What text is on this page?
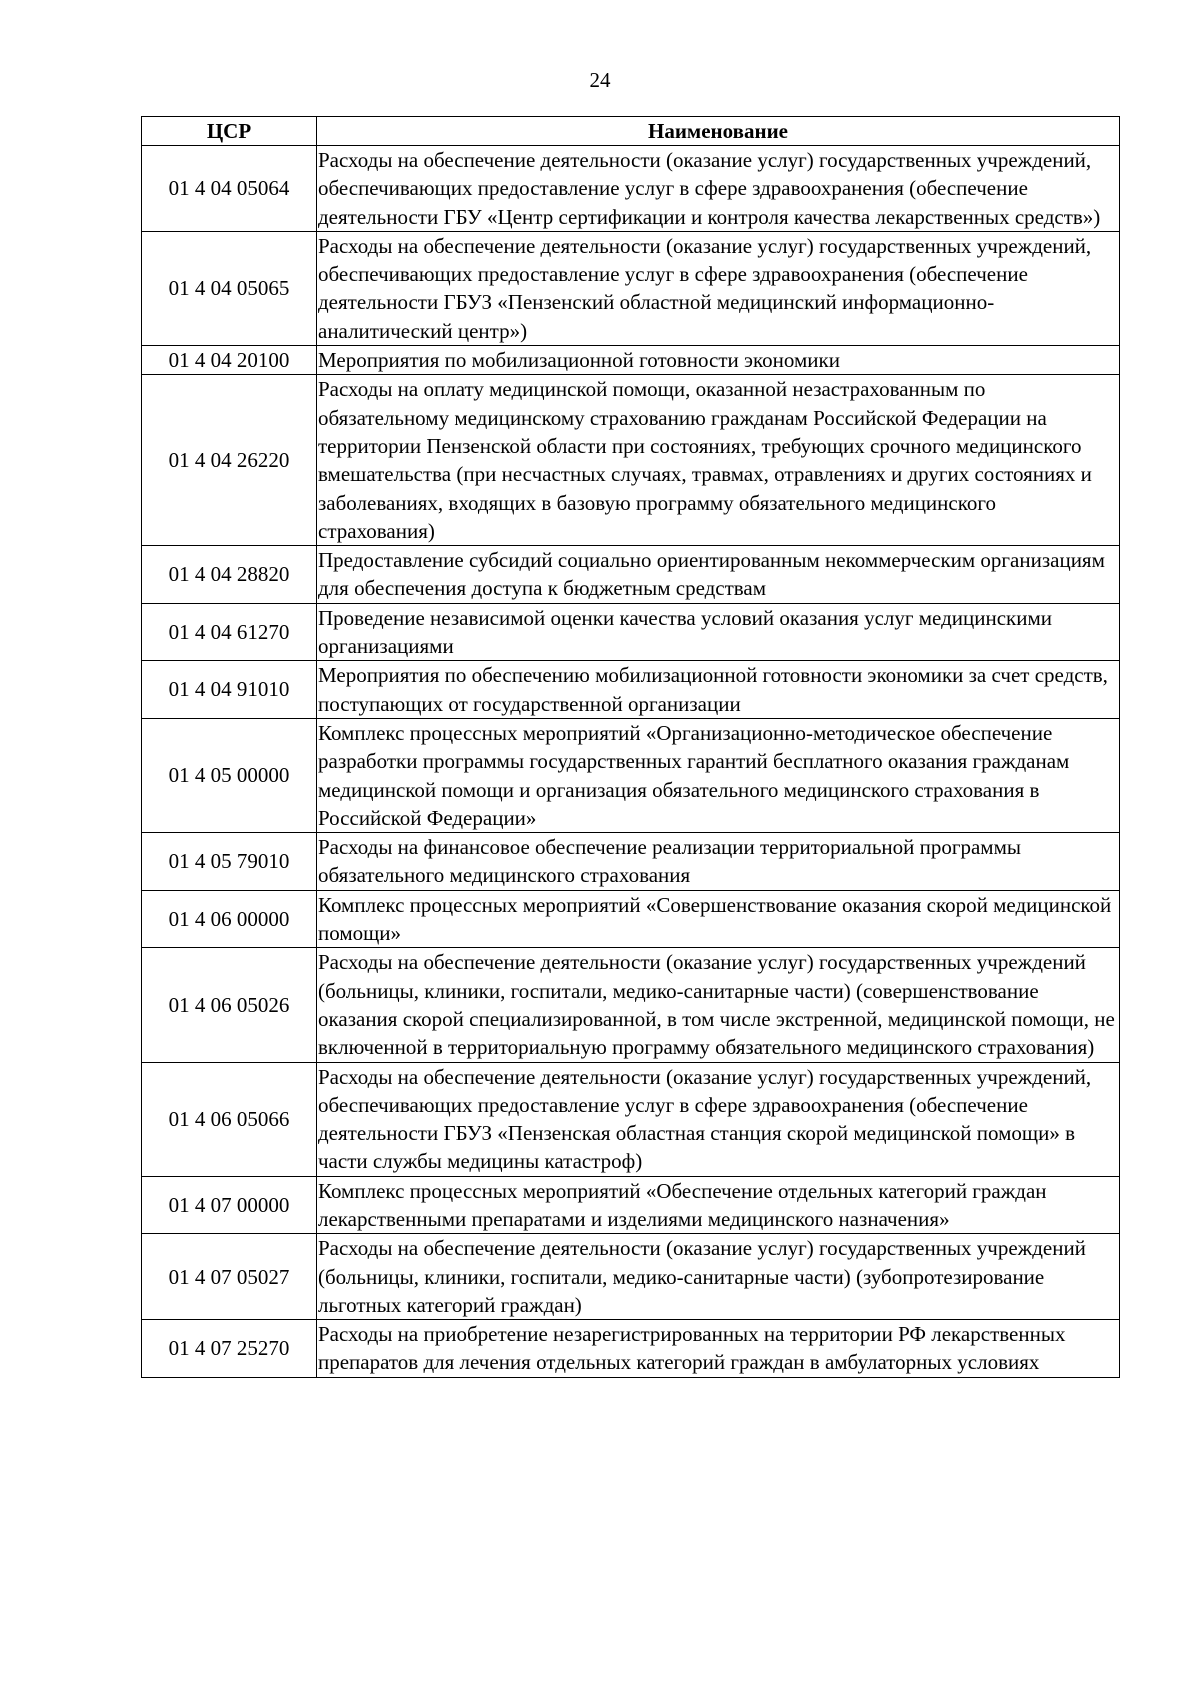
24
ЦСР	Наименование
01 4 04 05064	Расходы на обеспечение деятельности (оказание услуг) государственных учреждений, обеспечивающих предоставление услуг в сфере здравоохранения (обеспечение деятельности ГБУ «Центр сертификации и контроля качества лекарственных средств»)
01 4 04 05065	Расходы на обеспечение деятельности (оказание услуг) государственных учреждений, обеспечивающих предоставление услуг в сфере здравоохранения (обеспечение деятельности ГБУЗ «Пензенский областной медицинский информационно-аналитический центр»)
01 4 04 20100	Мероприятия по мобилизационной готовности экономики
01 4 04 26220	Расходы на оплату медицинской помощи, оказанной незастрахованным по обязательному медицинскому страхованию гражданам Российской Федерации на территории Пензенской области при состояниях, требующих срочного медицинского вмешательства (при несчастных случаях, травмах, отравлениях и других состояниях и заболеваниях, входящих в базовую программу обязательного медицинского страхования)
01 4 04 28820	Предоставление субсидий социально ориентированным некоммерческим организациям для обеспечения доступа к бюджетным средствам
01 4 04 61270	Проведение независимой оценки качества условий оказания услуг медицинскими организациями
01 4 04 91010	Мероприятия по обеспечению мобилизационной готовности экономики за счет средств, поступающих от государственной организации
01 4 05 00000	Комплекс процессных мероприятий «Организационно-методическое обеспечение разработки программы государственных гарантий бесплатного оказания гражданам медицинской помощи и организация обязательного медицинского страхования в Российской Федерации»
01 4 05 79010	Расходы на финансовое обеспечение реализации территориальной программы обязательного медицинского страхования
01 4 06 00000	Комплекс процессных мероприятий «Совершенствование оказания скорой медицинской помощи»
01 4 06 05026	Расходы на обеспечение деятельности (оказание услуг) государственных учреждений (больницы, клиники, госпитали, медико-санитарные части) (совершенствование оказания скорой специализированной, в том числе экстренной, медицинской помощи, не включенной в территориальную программу обязательного медицинского страхования)
01 4 06 05066	Расходы на обеспечение деятельности (оказание услуг) государственных учреждений, обеспечивающих предоставление услуг в сфере здравоохранения (обеспечение деятельности ГБУЗ «Пензенская областная станция скорой медицинской помощи» в части службы медицины катастроф)
01 4 07 00000	Комплекс процессных мероприятий «Обеспечение отдельных категорий граждан лекарственными препаратами и изделиями медицинского назначения»
01 4 07 05027	Расходы на обеспечение деятельности (оказание услуг) государственных учреждений (больницы, клиники, госпитали, медико-санитарные части) (зубопротезирование льготных категорий граждан)
01 4 07 25270	Расходы на приобретение незарегистрированных на территории РФ лекарственных препаратов для лечения отдельных категорий граждан в амбулаторных условиях
